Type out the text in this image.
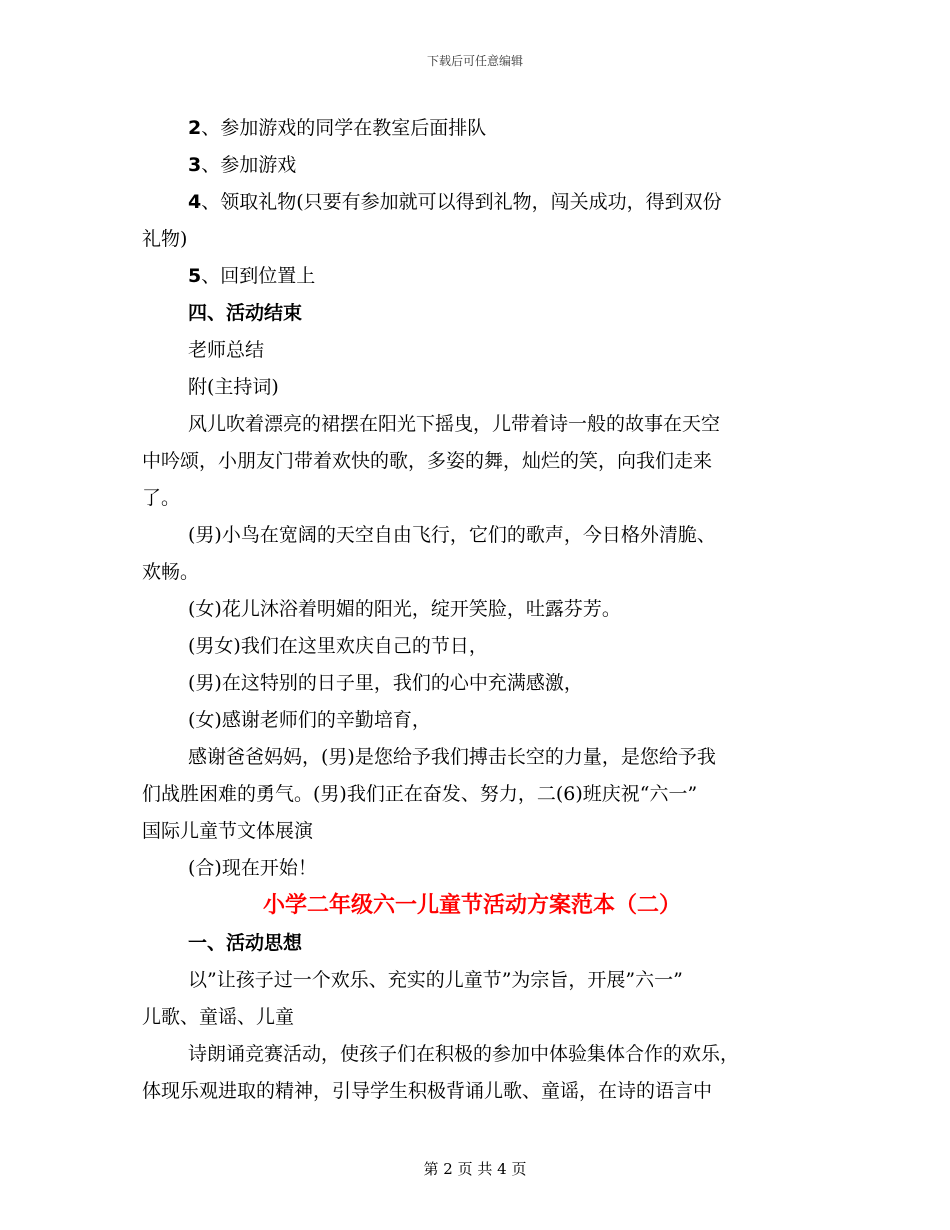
下载后可任意编辑
2、参加游戏的同学在教室后面排队
3、参加游戏
4、领取礼物(只要有参加就可以得到礼物，闯关成功，得到双份
礼物)
5、回到位置上
四、活动结束
老师总结
附(主持词)
风儿吹着漂亮的裙摆在阳光下摇曳，儿带着诗一般的故事在天空
中吟颂，小朋友门带着欢快的歌，多姿的舞，灿烂的笑，向我们走来
了。
(男)小鸟在宽阔的天空自由飞行，它们的歌声，今日格外清脆、
欢畅。
(女)花儿沐浴着明媚的阳光，绽开笑脸，吐露芬芳。
(男女)我们在这里欢庆自己的节日，
(男)在这特别的日子里，我们的心中充满感激，
(女)感谢老师们的辛勤培育，
感谢爸爸妈妈，(男)是您给予我们搏击长空的力量，是您给予我
们战胜困难的勇气。(男)我们正在奋发、努力，二(6)班庆祝“六一”
国际儿童节文体展演
(合)现在开始！
小学二年级六一儿童节活动方案范本（二）
一、活动思想
以”让孩子过一个欢乐、充实的儿童节”为宗旨，开展”六一”
儿歌、童谣、儿童
诗朗诵竞赛活动，使孩子们在积极的参加中体验集体合作的欢乐，
体现乐观进取的精神，引导学生积极背诵儿歌、童谣，在诗的语言中
第 2 页 共 4 页
